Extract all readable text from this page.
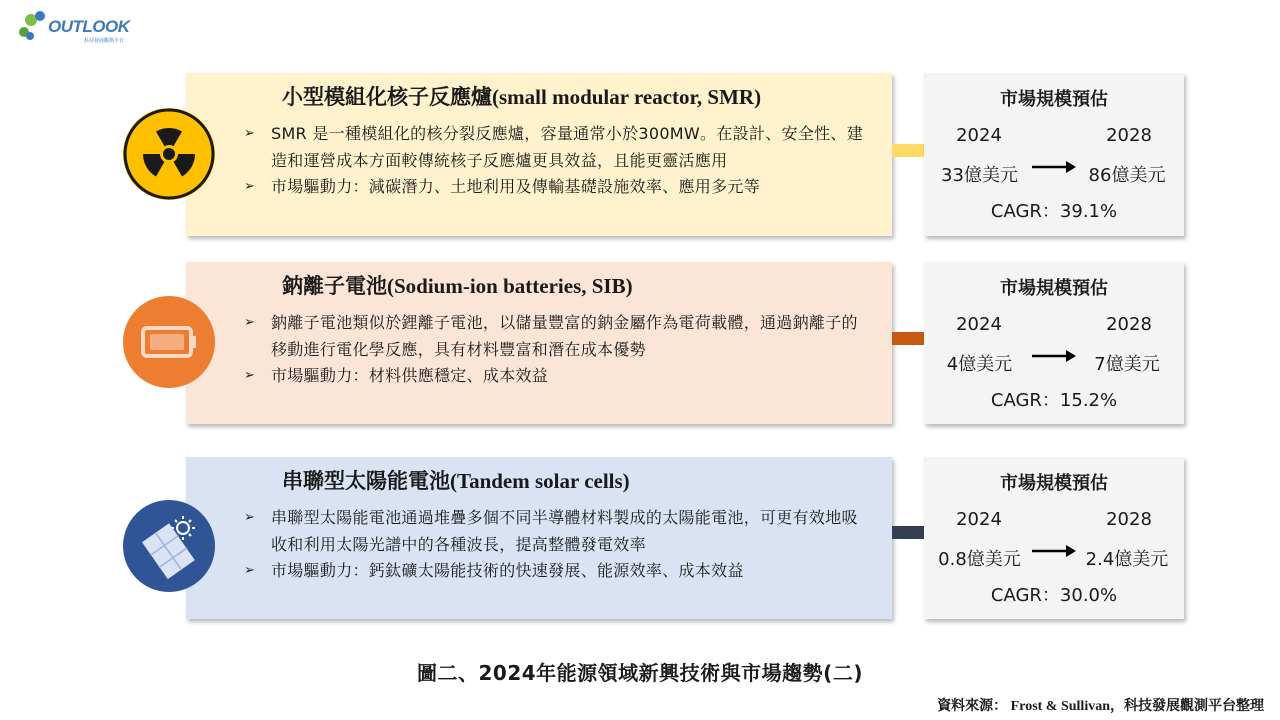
OUTLOOK
科技發展觀測平台
小型模組化核子反應爐(small modular reactor, SMR)
➢ SMR 是一種模組化的核分裂反應爐，容量通常小於300MW。在設計、安全性、建造和運營成本方面較傳統核子反應爐更具效益，且能更靈活應用
➢ 市場驅動力：減碳潛力、土地利用及傳輸基礎設施效率、應用多元等
市場規模預估
2024	2028
33億美元	86億美元
CAGR：39.1%
鈉離子電池(Sodium-ion batteries, SIB)
➢ 鈉離子電池類似於鋰離子電池，以儲量豐富的鈉金屬作為電荷載體，通過鈉離子的移動進行電化學反應，具有材料豐富和潛在成本優勢
➢ 市場驅動力：材料供應穩定、成本效益
市場規模預估
2024	2028
4億美元	7億美元
CAGR：15.2%
串聯型太陽能電池(Tandem solar cells)
➢ 串聯型太陽能電池通過堆疊多個不同半導體材料製成的太陽能電池，可更有效地吸收和利用太陽光譜中的各種波長，提高整體發電效率
➢ 市場驅動力：鈣鈦礦太陽能技術的快速發展、能源效率、成本效益
市場規模預估
2024	2028
0.8億美元	2.4億美元
CAGR：30.0%
圖二、2024年能源領域新興技術與市場趨勢(二)
資料來源： Frost & Sullivan，科技發展觀測平台整理
